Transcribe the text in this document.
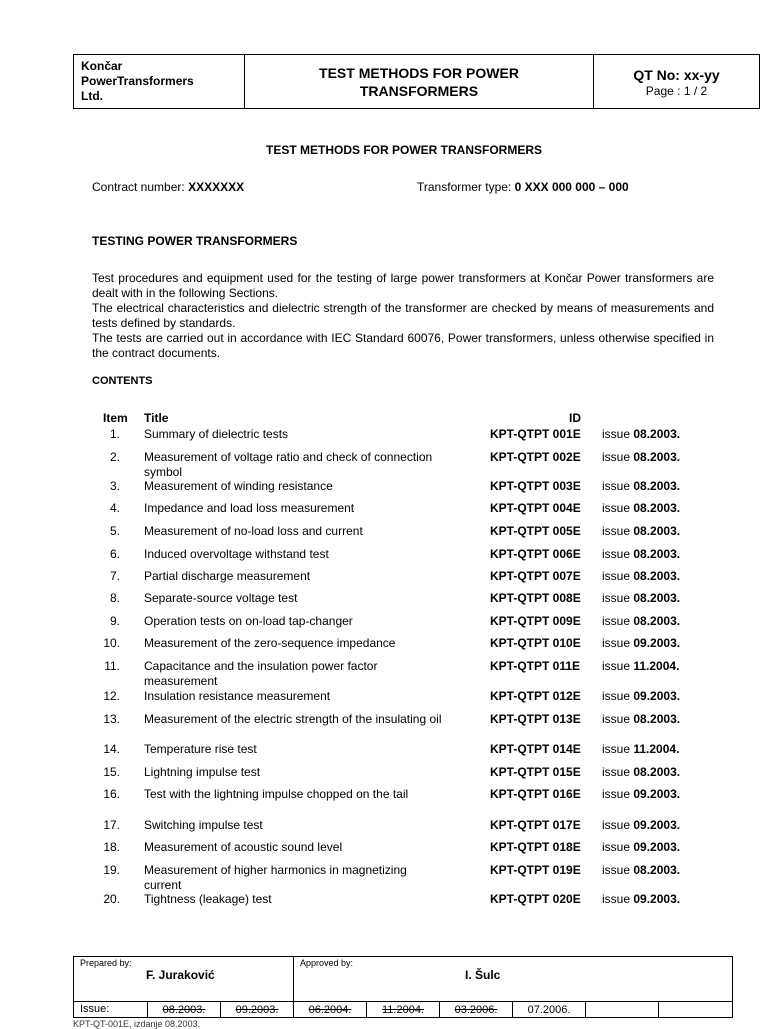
Končar
PowerTransformers
Ltd.
TEST METHODS FOR POWER
TRANSFORMERS
QT No: xx-yy
Page : 1 / 2
TEST METHODS FOR POWER TRANSFORMERS
Contract number: XXXXXXX	Transformer type: 0 XXX 000 000 – 000
TESTING POWER TRANSFORMERS

Test procedures and equipment used for the testing of large power transformers at Končar Power transformers are dealt with in the following Sections.

The electrical characteristics and dielectric strength of the transformer are checked by means of measurements and tests defined by standards.

The tests are carried out in accordance with IEC Standard 60076, Power transformers, unless otherwise specified in the contract documents.

CONTENTS
Item Title	ID
1. Summary of dielectric tests	KPT-QTPT 001E issue 08.2003.
2. Measurement of voltage ratio and check of connection symbol
KPT-QTPT 002E issue 08.2003.
3. Measurement of winding resistance	KPT-QTPT 003E issue 08.2003.
4. Impedance and load loss measurement	KPT-QTPT 004E issue 08.2003.
5. Measurement of no-load loss and current	KPT-QTPT 005E issue 08.2003.
6. Induced overvoltage withstand test	KPT-QTPT 006E issue 08.2003.
7. Partial discharge measurement	KPT-QTPT 007E issue 08.2003.
8. Separate-source voltage test	KPT-QTPT 008E issue 08.2003.
9. Operation tests on on-load tap-changer	KPT-QTPT 009E issue 08.2003.
10. Measurement of the zero-sequence impedance	KPT-QTPT 010E issue 09.2003.
11. Capacitance and the insulation power factor measurement
KPT-QTPT 011E issue 11.2004.
12. Insulation resistance measurement	KPT-QTPT 012E issue 09.2003.
13. Measurement of the electric strength of the insulating oil	KPT-QTPT 013E issue 08.2003.
14. Temperature rise test	KPT-QTPT 014E issue 11.2004.
15. Lightning impulse test	KPT-QTPT 015E issue 08.2003.
16. Test with the lightning impulse chopped on the tail	KPT-QTPT 016E issue 09.2003.
17. Switching impulse test	KPT-QTPT 017E issue 09.2003.
18. Measurement of acoustic sound level	KPT-QTPT 018E issue 09.2003.
19. Measurement of higher harmonics in magnetizing current
KPT-QTPT 019E issue 08.2003.
20. Tightness (leakage) test	KPT-QTPT 020E issue 09.2003.
Prepared by:
F. Juraković
Approved by:
I. Šulc
Issue:	08.2003.	09.2003.	06.2004.	11.2004.	03.2006.	07.2006.
KPT-QT-001E, izdanje 08.2003.
